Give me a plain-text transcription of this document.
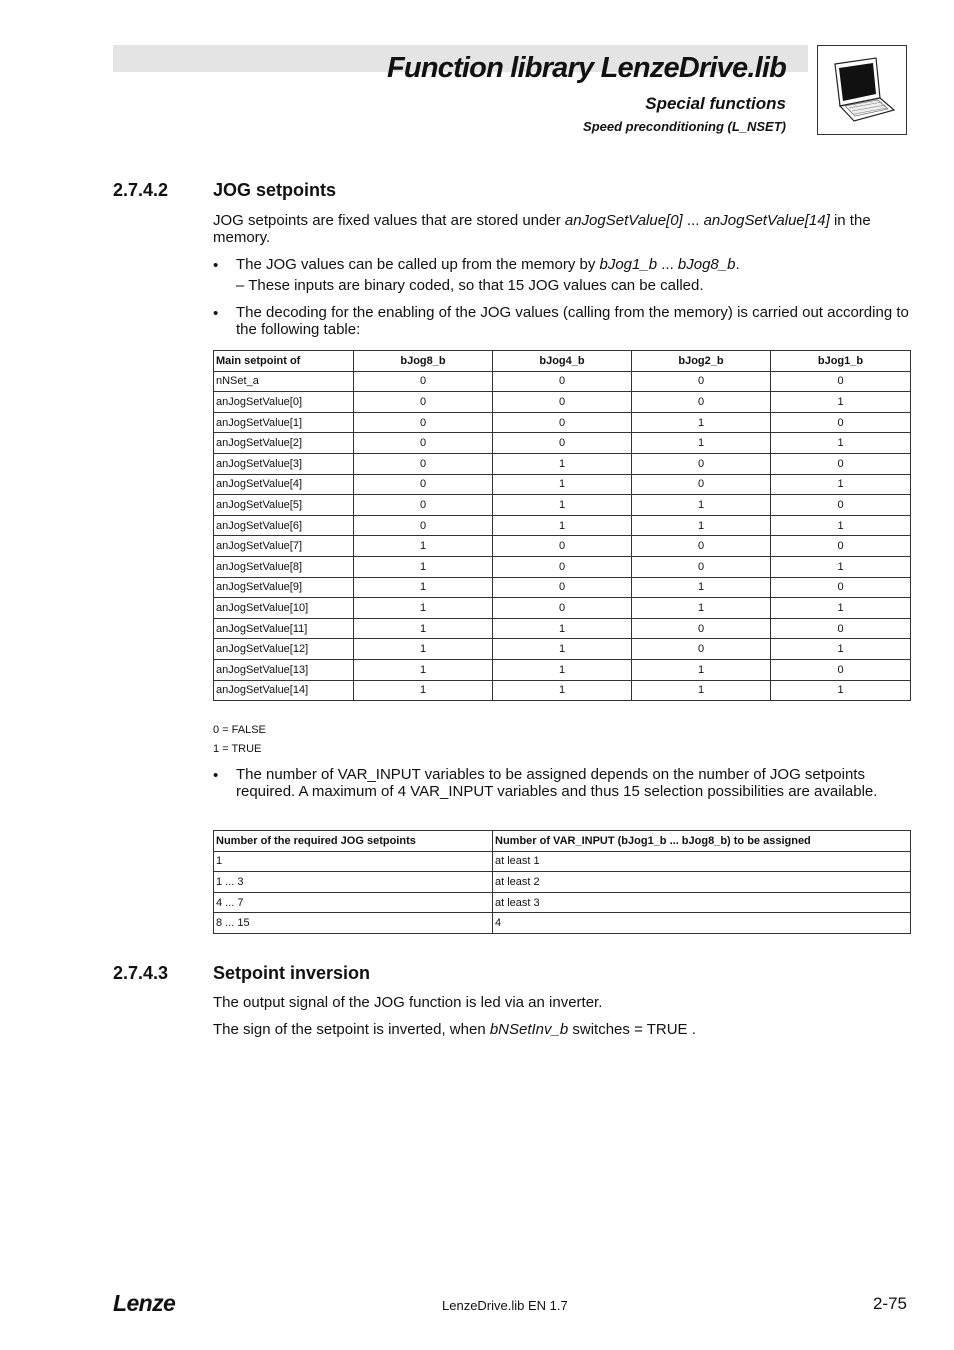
Function library LenzeDrive.lib
Special functions
Speed preconditioning (L_NSET)
2.7.4.2 JOG setpoints
JOG setpoints are fixed values that are stored under anJogSetValue[0] ... anJogSetValue[14] in the memory.
•	The JOG values can be called up from the memory by bJog1_b ... bJog8_b.
– These inputs are binary coded, so that 15 JOG values can be called.
•	The decoding for the enabling of the JOG values (calling from the memory) is carried out according to the following table:
Main setpoint of	bJog8_b	bJog4_b	bJog2_b	bJog1_b
nNSet_a	0	0	0	0
anJogSetValue[0]	0	0	0	1
anJogSetValue[1]	0	0	1	0
anJogSetValue[2]	0	0	1	1
anJogSetValue[3]	0	1	0	0
anJogSetValue[4]	0	1	0	1
anJogSetValue[5]	0	1	1	0
anJogSetValue[6]	0	1	1	1
anJogSetValue[7]	1	0	0	0
anJogSetValue[8]	1	0	0	1
anJogSetValue[9]	1	0	1	0
anJogSetValue[10]	1	0	1	1
anJogSetValue[11]	1	1	0	0
anJogSetValue[12]	1	1	0	1
anJogSetValue[13]	1	1	1	0
anJogSetValue[14]	1	1	1	1
0 = FALSE
1 = TRUE
•	The number of VAR_INPUT variables to be assigned depends on the number of JOG setpoints required. A maximum of 4 VAR_INPUT variables and thus 15 selection possibilities are available.
Number of the required JOG setpoints	Number of VAR_INPUT (bJog1_b ... bJog8_b) to be assigned
1	at least 1
1 ... 3	at least 2
4 ... 7	at least 3
8 ... 15	4
2.7.4.3 Setpoint inversion
The output signal of the JOG function is led via an inverter.
The sign of the setpoint is inverted, when bNSetInv_b switches = TRUE .
Lenze	LenzeDrive.lib EN 1.7	2-75
